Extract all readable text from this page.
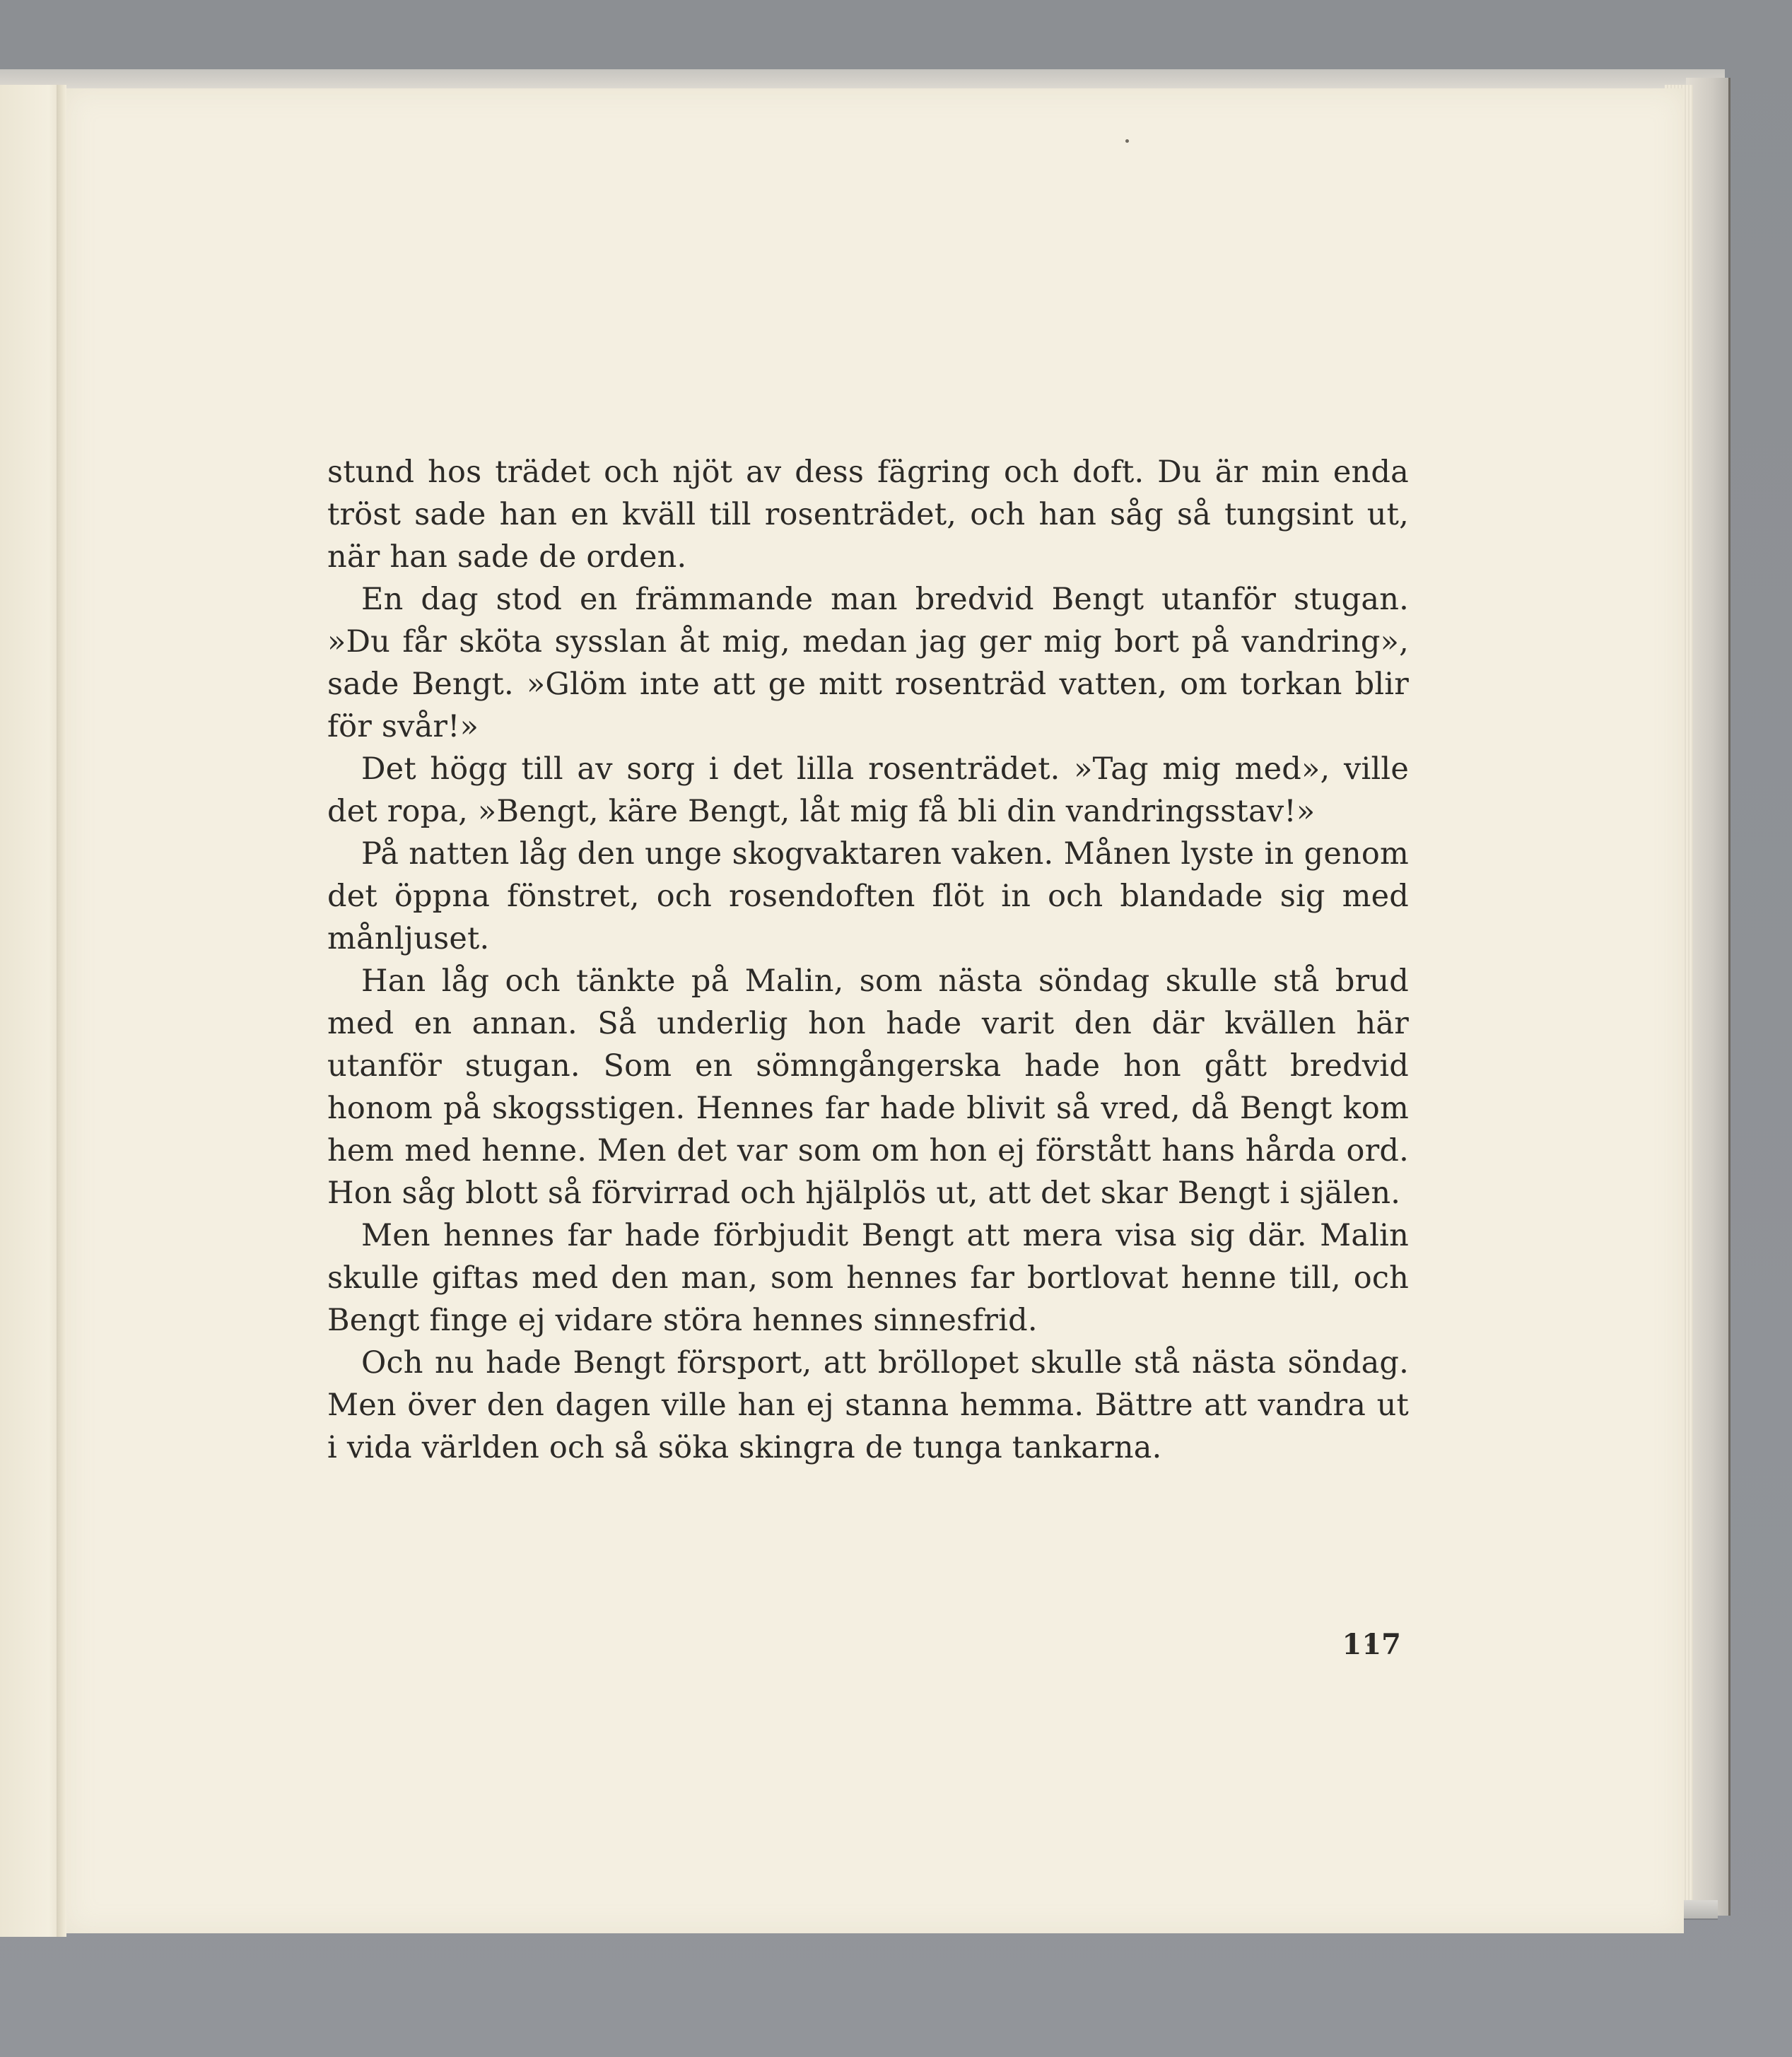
stund hos trädet och njöt av dess fägring och doft. Du är min enda tröst sade han en kväll till rosenträdet, och han såg så tungsint ut, när han sade de orden.

En dag stod en främmande man bredvid Bengt utanför stugan. »Du får sköta sysslan åt mig, medan jag ger mig bort på vandring», sade Bengt. »Glöm inte att ge mitt rosenträd vatten, om torkan blir för svår!»

Det högg till av sorg i det lilla rosenträdet. »Tag mig med», ville det ropa, »Bengt, käre Bengt, låt mig få bli din vandringsstav!»

På natten låg den unge skogvaktaren vaken. Månen lyste in genom det öppna fönstret, och rosendoften flöt in och blandade sig med månljuset.

Han låg och tänkte på Malin, som nästa söndag skulle stå brud med en annan. Så underlig hon hade varit den där kvällen här utanför stugan. Som en sömngångerska hade hon gått bredvid honom på skogsstigen. Hennes far hade blivit så vred, då Bengt kom hem med henne. Men det var som om hon ej förstått hans hårda ord. Hon såg blott så förvirrad och hjälplös ut, att det skar Bengt i själen.

Men hennes far hade förbjudit Bengt att mera visa sig där. Malin skulle giftas med den man, som hennes far bortlovat henne till, och Bengt finge ej vidare störa hennes sinnesfrid.

Och nu hade Bengt försport, att bröllopet skulle stå nästa söndag. Men över den dagen ville han ej stanna hemma. Bättre att vandra ut i vida världen och så söka skingra de tunga tankarna.

117
